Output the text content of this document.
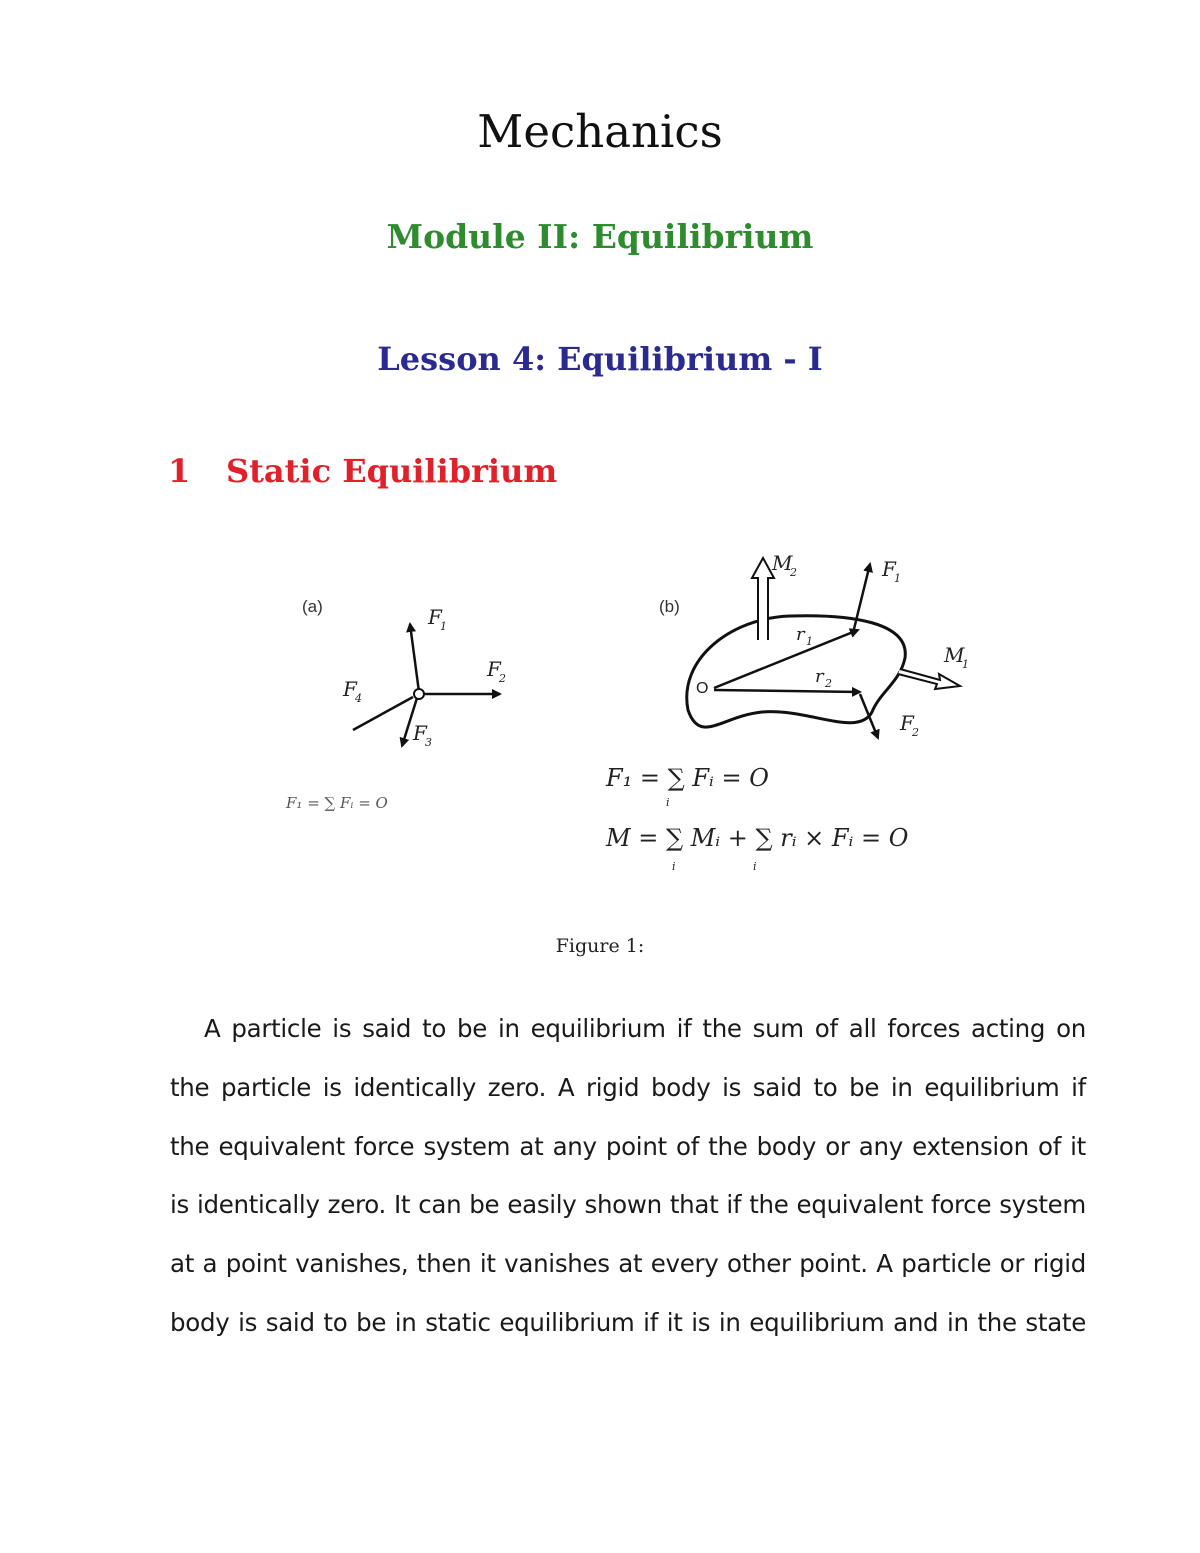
Mechanics
Module II: Equilibrium
Lesson 4: Equilibrium - I
1 Static Equilibrium
(a)	F
1
F
2
F
3
F
4
F₁ = ∑ Fᵢ = O
(b)
O
M
2	F
1
M
1
F
2
r 1
r 2
F₁ = ∑ Fᵢ = O
i
M = ∑ Mᵢ + ∑ rᵢ × Fᵢ = O
i	i
Figure 1:
A particle is said to be in equilibrium if the sum of all forces acting on
the particle is identically zero. A rigid body is said to be in equilibrium if
the equivalent force system at any point of the body or any extension of it
is identically zero. It can be easily shown that if the equivalent force system
at a point vanishes, then it vanishes at every other point. A particle or rigid
body is said to be in static equilibrium if it is in equilibrium and in the state
